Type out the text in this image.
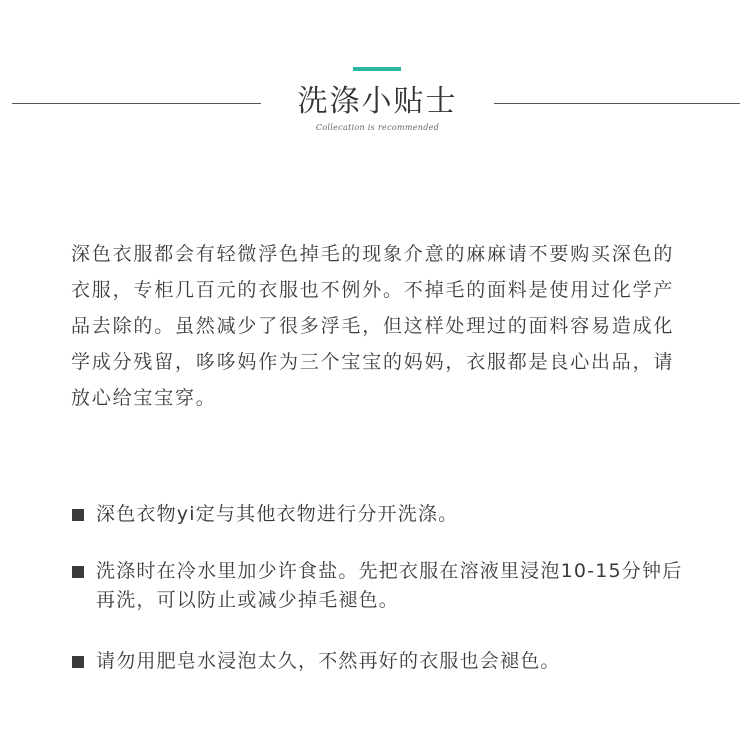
洗涤小贴士
Collecation is recommended

深色衣服都会有轻微浮色掉毛的现象介意的麻麻请不要购买深色的衣服，专柜几百元的衣服也不例外。不掉毛的面料是使用过化学产品去除的。虽然减少了很多浮毛，但这样处理过的面料容易造成化学成分残留，哆哆妈作为三个宝宝的妈妈，衣服都是良心出品，请放心给宝宝穿。

深色衣物yi定与其他衣物进行分开洗涤。
洗涤时在冷水里加少许食盐。先把衣服在溶液里浸泡10-15分钟后再洗，可以防止或减少掉毛褪色。
请勿用肥皂水浸泡太久，不然再好的衣服也会褪色。
